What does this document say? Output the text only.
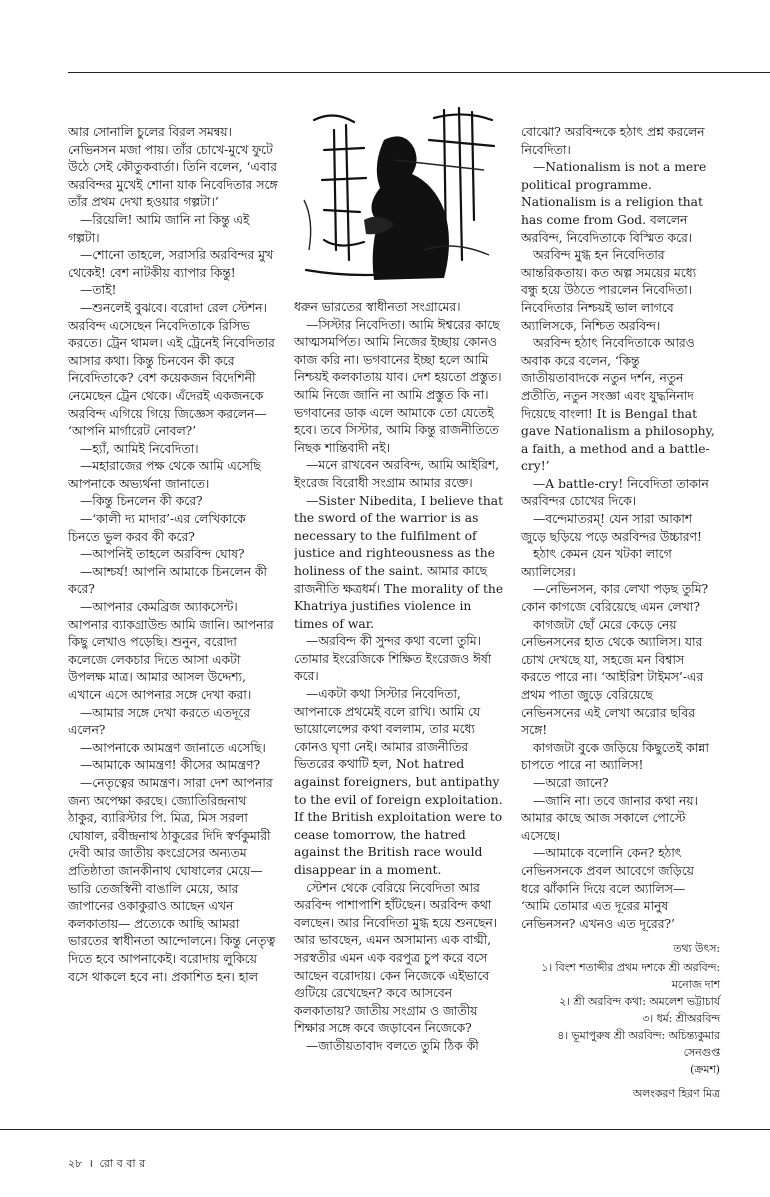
আর সোনালি চুলের বিরল সমন্বয়। নেভিনসন মজা পায়। তাঁর চোখে-মুখে ফুটে উঠে সেই কৌতুকবার্তা। তিনি বলেন, ‘এবার অরবিন্দর মুখেই শোনা যাক নিবেদিতার সঙ্গে তাঁর প্রথম দেখা হওয়ার গল্পটা।’

—রিয়েলি! আমি জানি না কিন্তু এই গল্পটা।

—শোনো তাহলে, সরাসরি অরবিন্দর মুখ থেকেই! বেশ নাটকীয় ব্যাপার কিন্তু!

—তাই!

—শুনলেই বুঝবে। বরোদা রেল স্টেশন। অরবিন্দ এসেছেন নিবেদিতাকে রিসিভ করতে। ট্রেন থামল। এই ট্রেনেই নিবেদিতার আসার কথা। কিন্তু চিনবেন কী করে নিবেদিতাকে? বেশ কয়েকজন বিদেশিনী নেমেছেন ট্রেন থেকে। এঁদেরই একজনকে অরবিন্দ এগিয়ে গিয়ে জিজ্ঞেস করলেন— ‘আপনি মার্গারেট নোবল?’

—হ্যাঁ, আমিই নিবেদিতা।

—মহারাজের পক্ষ থেকে আমি এসেছি আপনাকে অভ্যর্থনা জানাতে।

—কিন্তু চিনলেন কী করে?

—‘কালী দ্য মাদার’-এর লেখিকাকে চিনতে ভুল করব কী করে?

—আপনিই তাহলে অরবিন্দ ঘোষ?

—আশ্চর্য! আপনি আমাকে চিনলেন কী করে?

—আপনার কেমব্রিজ অ্যাকসেন্ট। আপনার ব্যাকগ্রাউন্ড আমি জানি। আপনার কিছু লেখাও পড়েছি। শুনুন, বরোদা কলেজে লেকচার দিতে আসা একটা উপলক্ষ মাত্র। আমার আসল উদ্দেশ্য, এখানে এসে আপনার সঙ্গে দেখা করা।

—আমার সঙ্গে দেখা করতে এতদূরে এলেন?

—আপনাকে আমন্ত্রণ জানাতে এসেছি।

—আমাকে আমন্ত্রণ! কীসের আমন্ত্রণ?

—নেতৃত্বের আমন্ত্রণ। সারা দেশ আপনার জন্য অপেক্ষা করছে। জ্যোতিরিন্দ্রনাথ ঠাকুর, ব্যারিস্টার পি. মিত্র, মিস সরলা ঘোষাল, রবীন্দ্রনাথ ঠাকুরের দিদি স্বর্ণকুমারী দেবী আর জাতীয় কংগ্রেসের অন্যতম প্রতিষ্ঠাতা জানকীনাথ ঘোষালের মেয়ে— ভারি তেজস্বিনী বাঙালি মেয়ে, আর জাপানের ওকাকুরাও আছেন এখন কলকাতায়— প্রত্যেকে আছি আমরা ভারতের স্বাধীনতা আন্দোলনে। কিন্তু নেতৃত্ব দিতে হবে আপনাকেই। বরোদায় লুকিয়ে বসে থাকলে হবে না। প্রকাশিত হন। হাল

ধরুন ভারতের স্বাধীনতা সংগ্রামের।

—সিস্টার নিবেদিতা। আমি ঈশ্বরের কাছে আত্মসমর্পিত। আমি নিজের ইচ্ছায় কোনও কাজ করি না। ভগবানের ইচ্ছা হলে আমি নিশ্চয়ই কলকাতায় যাব। দেশ হয়তো প্রস্তুত। আমি নিজে জানি না আমি প্রস্তুত কি না। ভগবানের ডাক এলে আমাকে তো যেতেই হবে। তবে সিস্টার, আমি কিন্তু রাজনীতিতে নিছক শান্তিবাদী নই।

—মনে রাখবেন অরবিন্দ, আমি আইরিশ, ইংরেজ বিরোধী সংগ্রাম আমার রক্তে।

—Sister Nibedita, I believe that the sword of the warrior is as necessary to the fulfilment of justice and righteousness as the holiness of the saint. আমার কাছে রাজনীতি ক্ষত্রধর্ম। The morality of the Khatriya justifies violence in times of war.

—অরবিন্দ কী সুন্দর কথা বলো তুমি। তোমার ইংরেজিকে শিক্ষিত ইংরেজও ঈর্ষা করে।

—একটা কথা সিস্টার নিবেদিতা, আপনাকে প্রথমেই বলে রাখি। আমি যে ভায়োলেন্সের কথা বললাম, তার মধ্যে কোনও ঘৃণা নেই। আমার রাজনীতির ভিতরের কথাটি হল, Not hatred against foreigners, but antipathy to the evil of foreign exploitation. If the British exploitation were to cease tomorrow, the hatred against the British race would disappear in a moment.

স্টেশন থেকে বেরিয়ে নিবেদিতা আর অরবিন্দ পাশাপাশি হাঁটছেন। অরবিন্দ কথা বলছেন। আর নিবেদিতা মুগ্ধ হয়ে শুনছেন। আর ভাবছেন, এমন অসামান্য এক বাগ্মী, সরস্বতীর এমন এক বরপুত্র চুপ করে বসে আছেন বরোদায়। কেন নিজেকে এইভাবে গুটিয়ে রেখেছেন? কবে আসবেন কলকাতায়? জাতীয় সংগ্রাম ও জাতীয় শিক্ষার সঙ্গে কবে জড়াবেন নিজেকে?

—জাতীয়তাবাদ বলতে তুমি ঠিক কী

বোঝো? অরবিন্দকে হঠাৎ প্রশ্ন করলেন নিবেদিতা।

—Nationalism is not a mere political programme. Nationalism is a religion that has come from God. বললেন অরবিন্দ, নিবেদিতাকে বিস্মিত করে।

অরবিন্দ মুগ্ধ হন নিবেদিতার আন্তরিকতায়। কত অল্প সময়ের মধ্যে বন্ধু হয়ে উঠতে পারলেন নিবেদিতা। নিবেদিতার নিশ্চয়ই ভাল লাগবে অ্যালিসকে, নিশ্চিত অরবিন্দ।

অরবিন্দ হঠাৎ নিবেদিতাকে আরও অবাক করে বলেন, ‘কিন্তু জাতীয়তাবাদকে নতুন দর্শন, নতুন প্রতীতি, নতুন সংজ্ঞা এবং যুদ্ধনিনাদ দিয়েছে বাংলা! It is Bengal that gave Nationalism a philosophy, a faith, a method and a battle-cry!’

—A battle-cry! নিবেদিতা তাকান অরবিন্দর চোখের দিকে।

—বন্দেমাতরম্! যেন সারা আকাশ জুড়ে ছড়িয়ে পড়ে অরবিন্দর উচ্চারণ!

হঠাৎ কেমন যেন খটকা লাগে অ্যালিসের।

—নেভিনসন, কার লেখা পড়ছ তুমি? কোন কাগজে বেরিয়েছে এমন লেখা?

কাগজটা ছোঁ মেরে কেড়ে নেয় নেভিনসনের হাত থেকে অ্যালিস। যার চোখ দেখছে যা, সহজে মন বিশ্বাস করতে পারে না। ‘আইরিশ টাইমস’-এর প্রথম পাতা জুড়ে বেরিয়েছে নেভিনসনের এই লেখা অরোর ছবির সঙ্গে!

কাগজটা বুকে জড়িয়ে কিছুতেই কান্না চাপতে পারে না অ্যালিস!

—অরো জানে?

—জানি না। তবে জানার কথা নয়। আমার কাছে আজ সকালে পোস্টে এসেছে।

—আমাকে বলোনি কেন? হঠাৎ নেভিনসনকে প্রবল আবেগে জড়িয়ে ধরে ঝাঁকানি দিয়ে বলে অ্যালিস— ‘আমি তোমার এত দূরের মানুষ নেভিনসন? এখনও এত দূরের?’

তথ্য উৎস:
১। বিংশ শতাব্দীর প্রথম দশকে শ্রী অরবিন্দ: মনোজ দাশ
২। শ্রী অরবিন্দ কথা: অমলেশ ভট্টাচার্য
৩। ধর্ম: শ্রীঅরবিন্দ
৪। ভূমাপুরুষ শ্রী অরবিন্দ: অচিন্ত্যকুমার সেনগুপ্ত
(ক্রমশ)
অলংকরণ হিরণ মিত্র
২৮ । রো ব বা র
